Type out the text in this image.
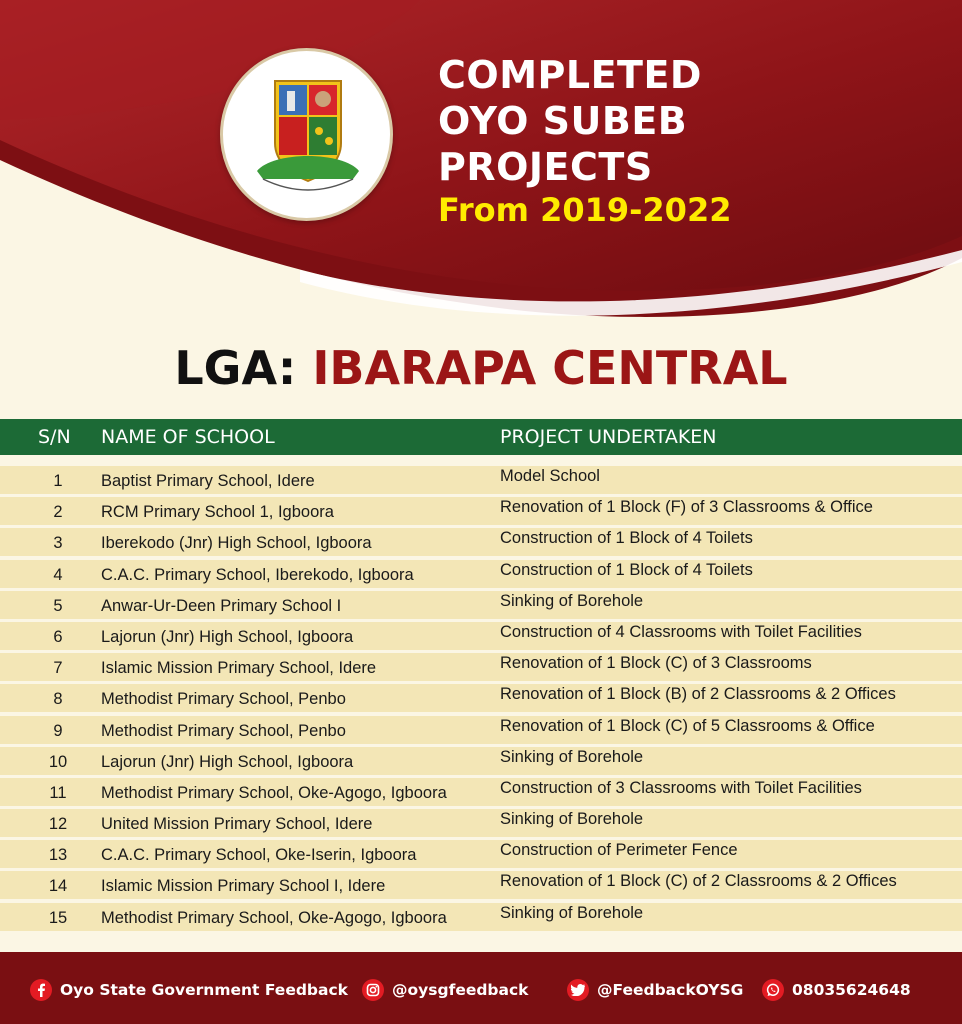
COMPLETED
OYO SUBEB
PROJECTS
From 2019-2022
LGA: IBARAPA CENTRAL
S/N NAME OF SCHOOL	PROJECT UNDERTAKEN
1	Baptist Primary School, Idere	Model School
2	RCM Primary School 1, Igboora	Renovation of 1 Block (F) of 3 Classrooms & Office
3	Iberekodo (Jnr) High School, Igboora	Construction of 1 Block of 4 Toilets
4	C.A.C. Primary School, Iberekodo, Igboora	Construction of 1 Block of 4 Toilets
5	Anwar-Ur-Deen Primary School I	Sinking of Borehole
6	Lajorun (Jnr) High School, Igboora	Construction of 4 Classrooms with Toilet Facilities
7	Islamic Mission Primary School, Idere	Renovation of 1 Block (C) of 3 Classrooms
8	Methodist Primary School, Penbo	Renovation of 1 Block (B) of 2 Classrooms & 2 Offices
9	Methodist Primary School, Penbo	Renovation of 1 Block (C) of 5 Classrooms & Office
10	Lajorun (Jnr) High School, Igboora	Sinking of Borehole
11	Methodist Primary School, Oke-Agogo, Igboora	Construction of 3 Classrooms with Toilet Facilities
12	United Mission Primary School, Idere	Sinking of Borehole
13	C.A.C. Primary School, Oke-Iserin, Igboora	Construction of Perimeter Fence
14	Islamic Mission Primary School I, Idere	Renovation of 1 Block (C) of 2 Classrooms & 2 Offices
15	Methodist Primary School, Oke-Agogo, Igboora	Sinking of Borehole
Oyo State Government Feedback	@oysgfeedback	@FeedbackOYSG	08035624648
